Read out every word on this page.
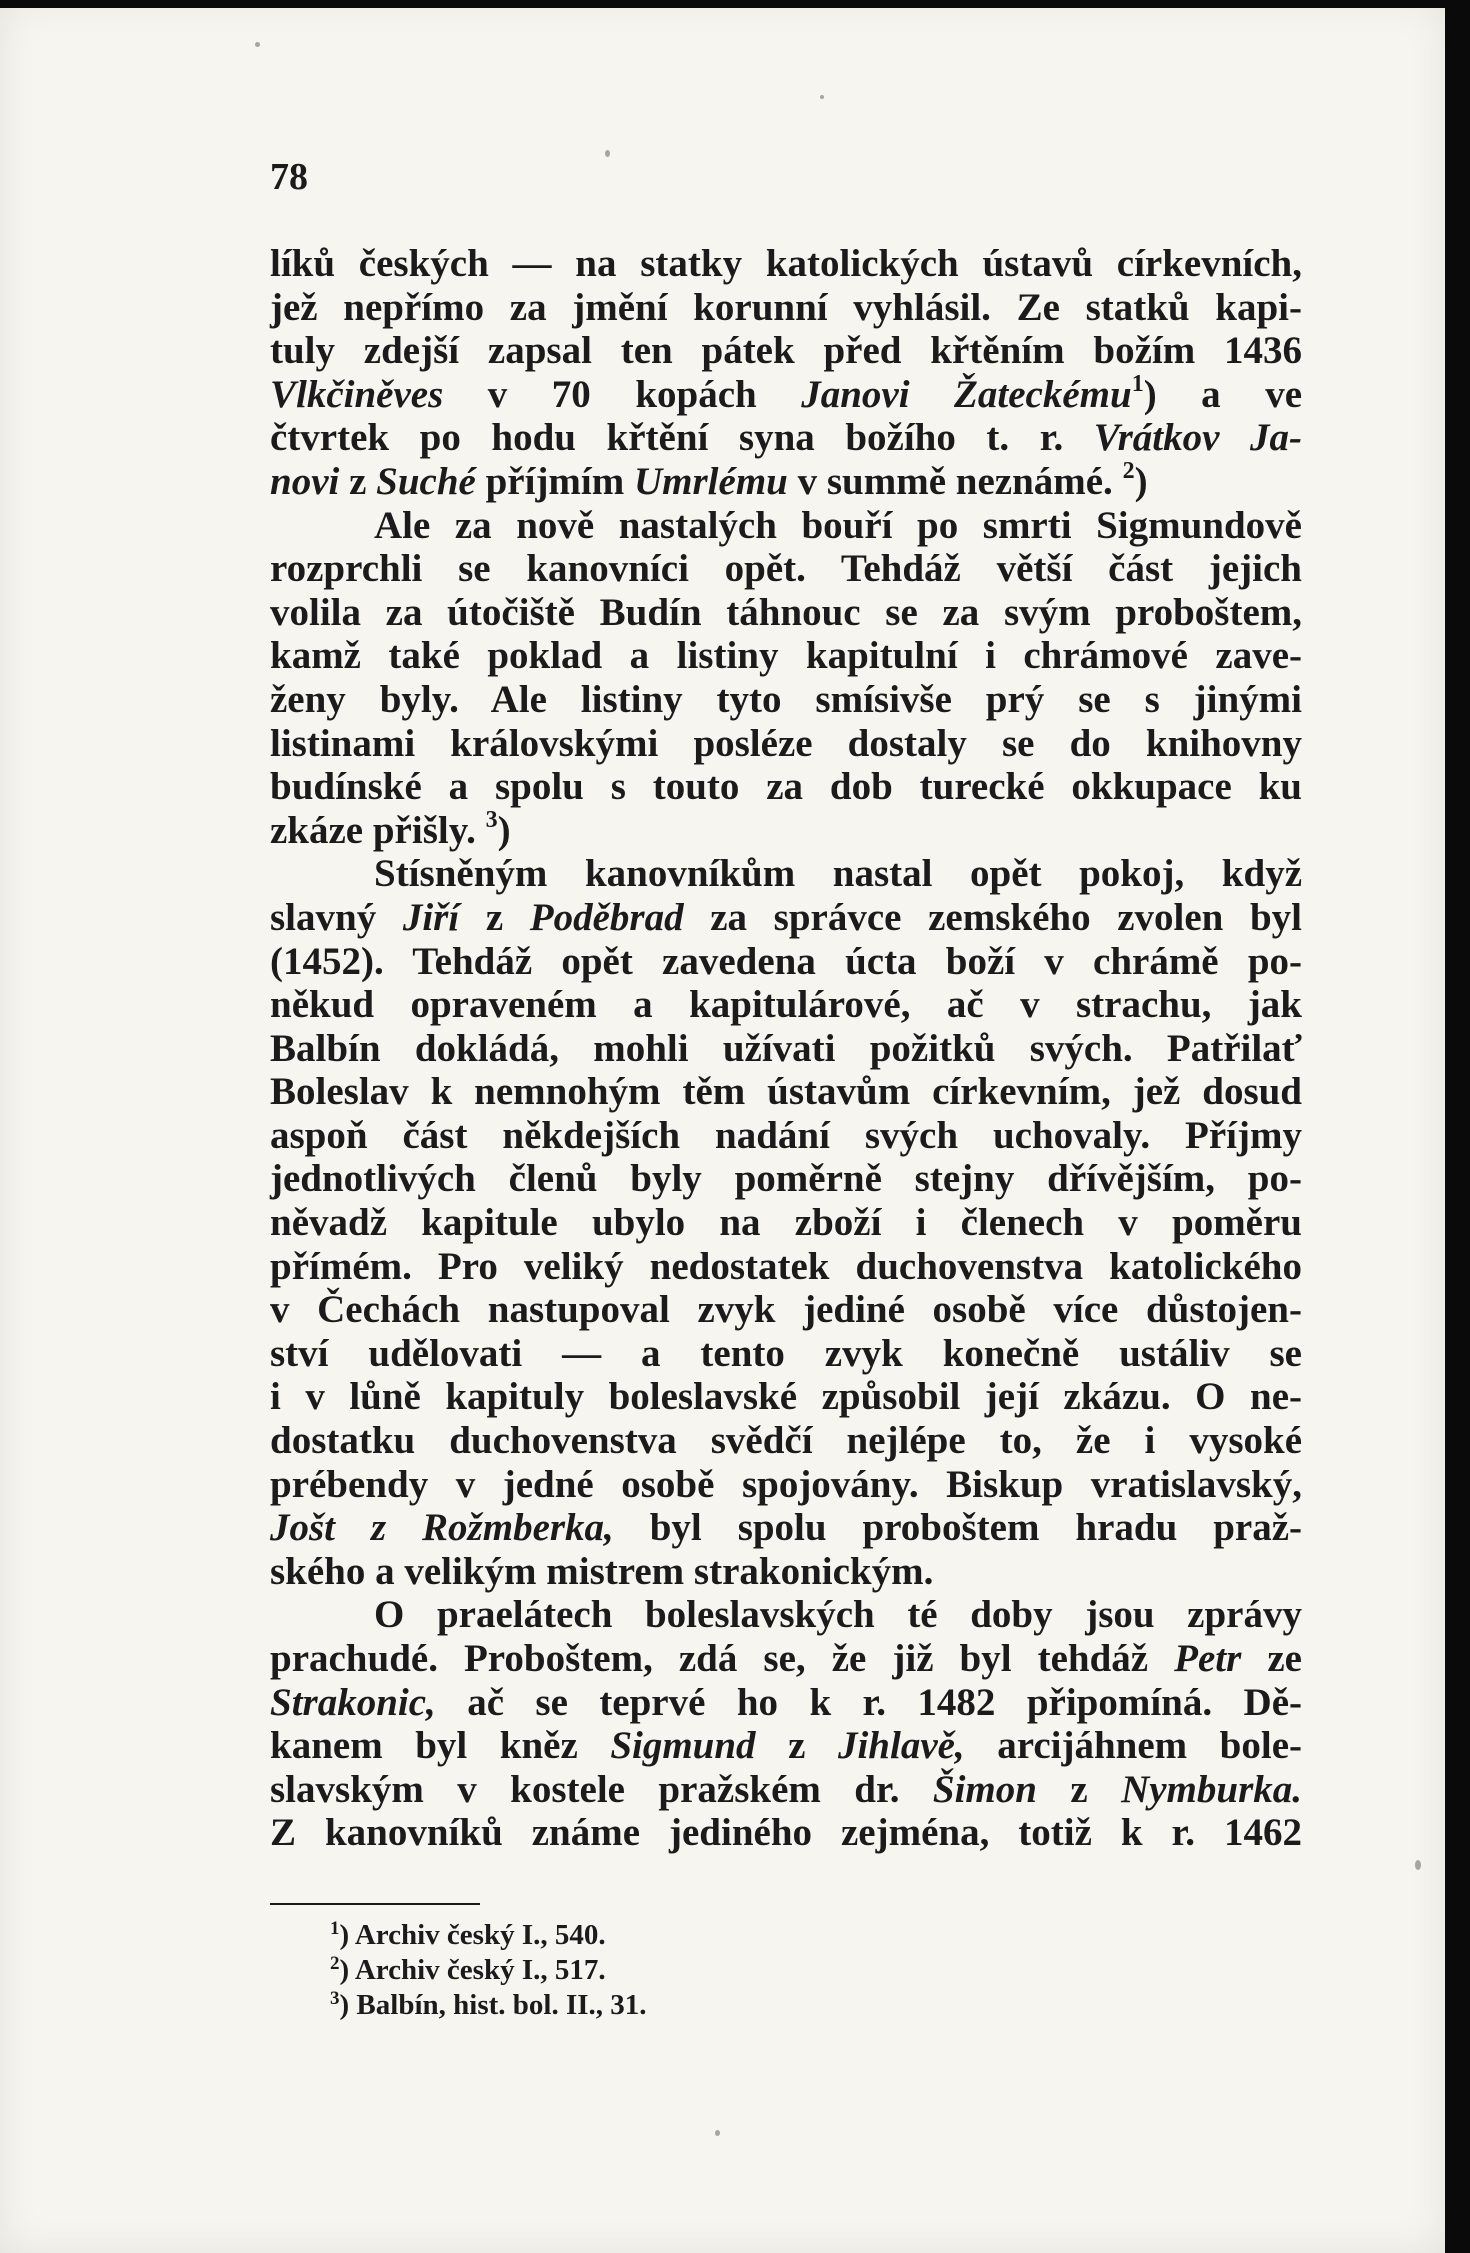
78
líků českých — na statky katolických ústavů církevních,
jež nepřímo za jmění korunní vyhlásil. Ze statků kapi-
tuly zdejší zapsal ten pátek před křtěním božím 1436
Vlkčiněves v 70 kopách Janovi Žateckému$^1$) a ve
čtvrtek po hodu křtění syna božího t. r. Vrátkov Ja-
novi z Suché příjmím Umrlému v summě neznámé. $^2$)
Ale za nově nastalých bouří po smrti Sigmundově
rozprchli se kanovníci opět. Tehdáž větší část jejich
volila za útočiště Budín táhnouc se za svým proboštem,
kamž také poklad a listiny kapitulní i chrámové zave-
ženy byly. Ale listiny tyto smísivše prý se s jinými
listinami královskými posléze dostaly se do knihovny
budínské a spolu s touto za dob turecké okkupace ku
zkáze přišly. $^3$)
Stísněným kanovníkům nastal opět pokoj, když
slavný Jiří z Poděbrad za správce zemského zvolen byl
(1452). Tehdáž opět zavedena úcta boží v chrámě po-
někud opraveném a kapitulárové, ač v strachu, jak
Balbín dokládá, mohli užívati požitků svých. Patřilať
Boleslav k nemnohým těm ústavům církevním, jež dosud
aspoň část někdejších nadání svých uchovaly. Příjmy
jednotlivých členů byly poměrně stejny dřívějším, po-
něvadž kapitule ubylo na zboží i členech v poměru
přímém. Pro veliký nedostatek duchovenstva katolického
v Čechách nastupoval zvyk jediné osobě více důstojen-
ství udělovati — a tento zvyk konečně ustáliv se
i v lůně kapituly boleslavské způsobil její zkázu. O ne-
dostatku duchovenstva svědčí nejlépe to, že i vysoké
prébendy v jedné osobě spojovány. Biskup vratislavský,
Jošt z Rožmberka, byl spolu proboštem hradu praž-
ského a velikým mistrem strakonickým.
O praelátech boleslavských té doby jsou zprávy
prachudé. Proboštem, zdá se, že již byl tehdáž Petr ze
Strakonic, ač se teprvé ho k r. 1482 připomíná. Dě-
kanem byl kněz Sigmund z Jihlavě, arcijáhnem bole-
slavským v kostele pražském dr. Šimon z Nymburka.
Z kanovníků známe jediného zejména, totiž k r. 1462
$^1$) Archiv český I., 540.
$^2$) Archiv český I., 517.
$^3$) Balbín, hist. bol. II., 31.
